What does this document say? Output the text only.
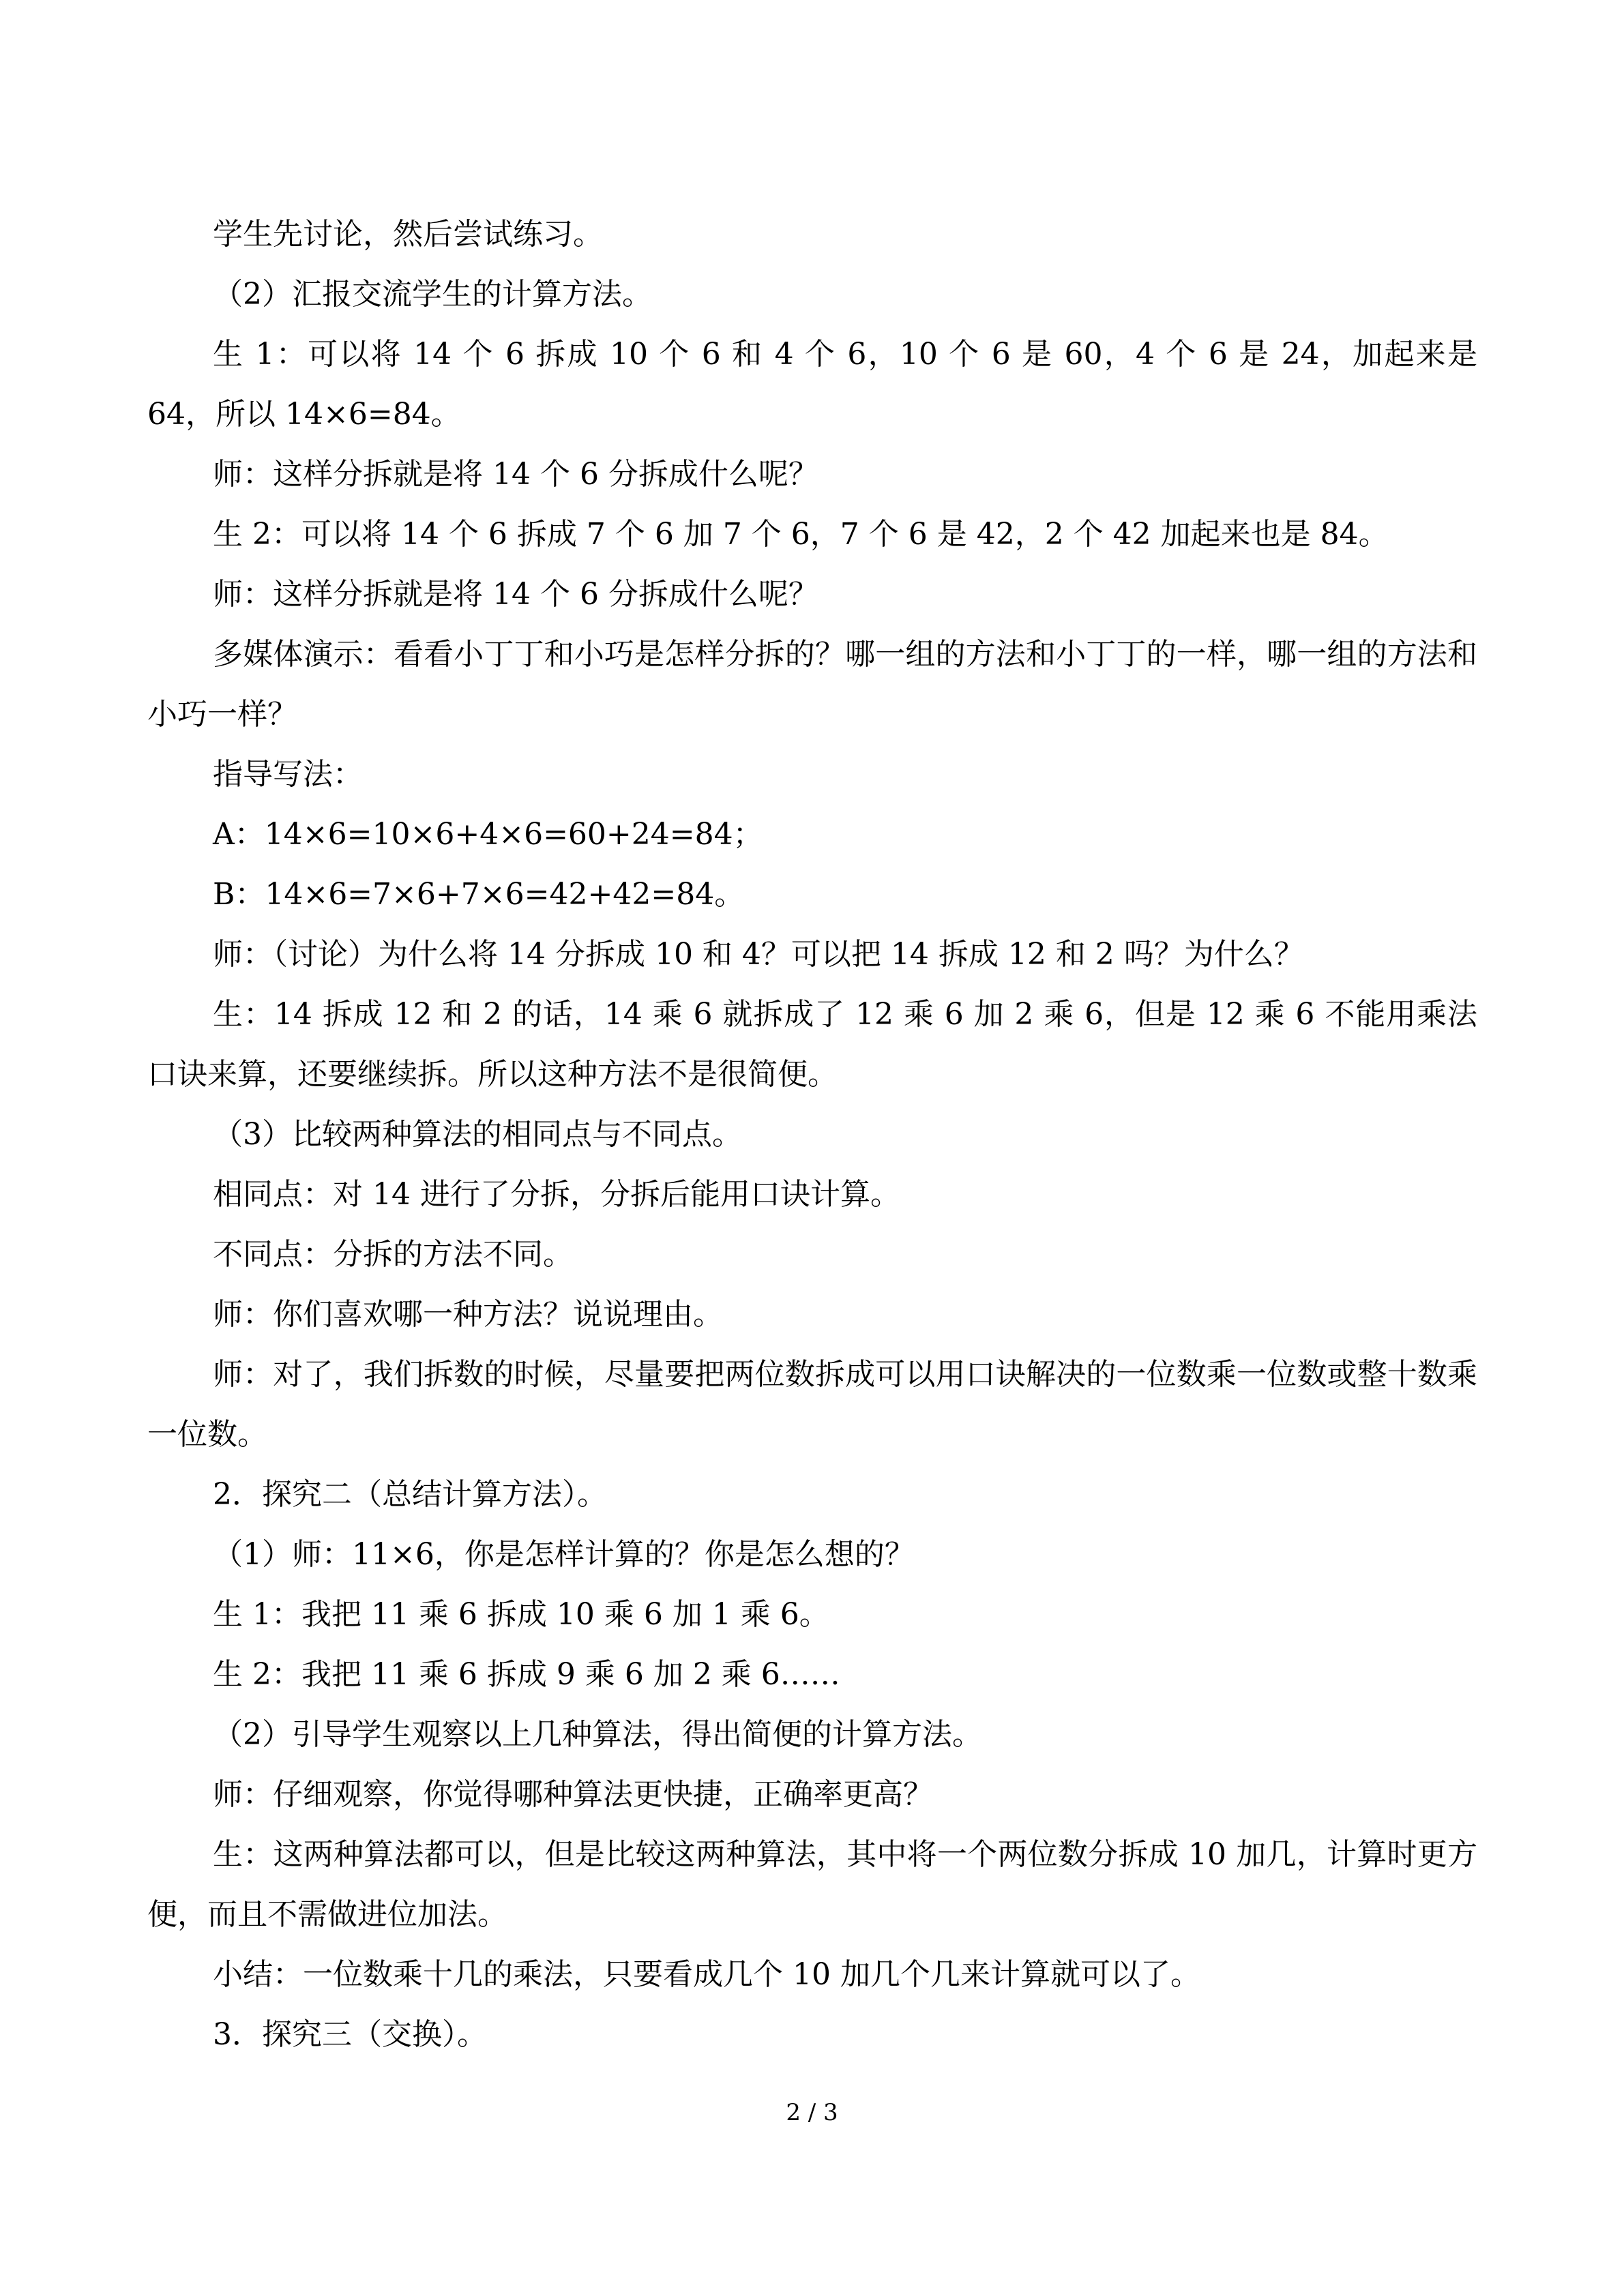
学生先讨论，然后尝试练习。

（2）汇报交流学生的计算方法。

生 1：可以将 14 个 6 拆成 10 个 6 和 4 个 6，10 个 6 是 60，4 个 6 是 24，加起来是 64，所以 14×6=84。

师：这样分拆就是将 14 个 6 分拆成什么呢？

生 2：可以将 14 个 6 拆成 7 个 6 加 7 个 6，7 个 6 是 42，2 个 42 加起来也是 84。

师：这样分拆就是将 14 个 6 分拆成什么呢？

多媒体演示：看看小丁丁和小巧是怎样分拆的？哪一组的方法和小丁丁的一样，哪一组的方法和小巧一样？

指导写法：

A：14×6=10×6+4×6=60+24=84；

B：14×6=7×6+7×6=42+42=84。

师：（讨论）为什么将 14 分拆成 10 和 4？可以把 14 拆成 12 和 2 吗？为什么？

生：14 拆成 12 和 2 的话，14 乘 6 就拆成了 12 乘 6 加 2 乘 6，但是 12 乘 6 不能用乘法口诀来算，还要继续拆。所以这种方法不是很简便。

（3）比较两种算法的相同点与不同点。

相同点：对 14 进行了分拆，分拆后能用口诀计算。

不同点：分拆的方法不同。

师：你们喜欢哪一种方法？说说理由。

师：对了，我们拆数的时候，尽量要把两位数拆成可以用口诀解决的一位数乘一位数或整十数乘一位数。

2．探究二（总结计算方法）。

（1）师：11×6，你是怎样计算的？你是怎么想的？

生 1：我把 11 乘 6 拆成 10 乘 6 加 1 乘 6。

生 2：我把 11 乘 6 拆成 9 乘 6 加 2 乘 6……

（2）引导学生观察以上几种算法，得出简便的计算方法。

师：仔细观察，你觉得哪种算法更快捷，正确率更高？

生：这两种算法都可以，但是比较这两种算法，其中将一个两位数分拆成 10 加几，计算时更方便，而且不需做进位加法。

小结：一位数乘十几的乘法，只要看成几个 10 加几个几来计算就可以了。

3．探究三（交换）。

2 / 3
